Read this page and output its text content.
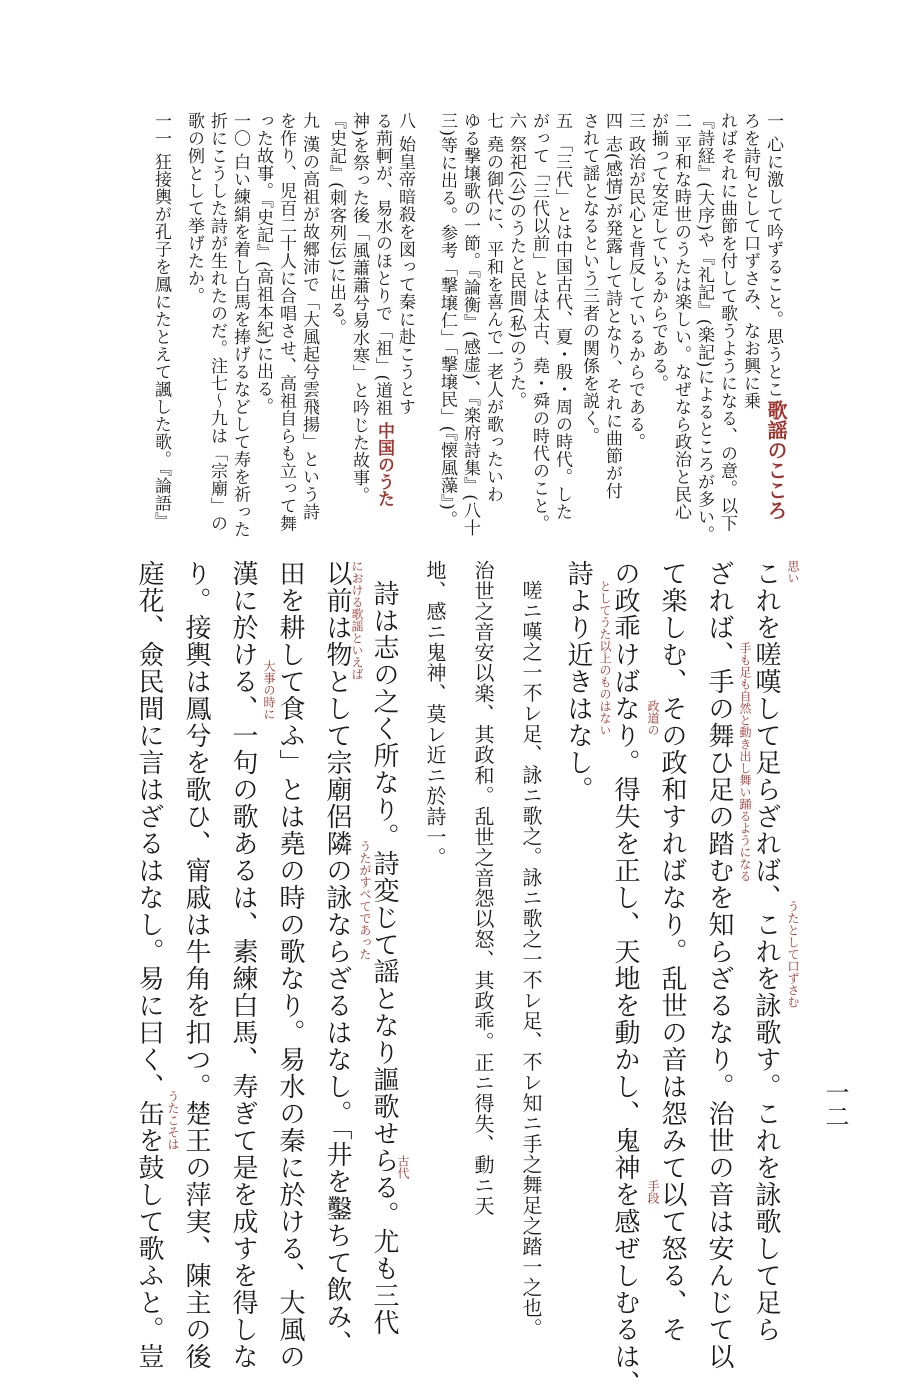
一二
歌謡のこころ
中国のうた
一 心に激して吟ずること。思うとこ
ろを詩句として口ずさみ、なお興に乗
ればそれに曲節を付して歌うようになる、の意。以下
『詩経』(大序)や『礼記』(楽記)によるところが多い。
二 平和な時世のうたは楽しい。なぜなら政治と民心
が揃って安定しているからである。
三 政治が民心と背反しているからである。
四 志(感情)が発露して詩となり、それに曲節が付
されて謡となるという三者の関係を説く。
五 「三代」とは中国古代、夏・殷・周の時代。した
がって「三代以前」とは太古、堯・舜の時代のこと。
六 祭祀(公)のうたと民間(私)のうた。
七 堯の御代に、平和を喜んで一老人が歌ったいわ
ゆる撃壌歌の一節。『論衡』(感虚)、『楽府詩集』(八十
三)等に出る。参考「撃壌仁」「撃壌民」(『懐風藻』)。
八 始皇帝暗殺を図って秦に赴こうとす
る荊軻が、易水のほとりで「祖」(道祖
神)を祭った後「風蕭蕭兮易水寒」と吟じた故事。
『史記』(刺客列伝)に出る。
九 漢の高祖が故郷沛で「大風起兮雲飛揚」という詩
を作り、児百二十人に合唱させ、高祖自らも立って舞
った故事。『史記』(高祖本紀)に出る。
一〇 白い練絹を着し白馬を捧げるなどして寿を祈った
折にこうした詩が生れたのだ。注七〜九は「宗廟」の
歌の例として挙げたか。
一一 狂接輿が孔子を鳳にたとえて諷した歌。『論語』
これを嗟嘆して足らざれば、これを詠歌す。これを詠歌して足ら
ざれば、手の舞ひ足の踏むを知らざるなり。治世の音は安んじて以
て楽しむ、その政和すればなり。乱世の音は怨みて以て怒る、そ
の政乖けばなり。得失を正し、天地を動かし、鬼神を感ぜしむるは、
詩より近きはなし。
嗟ニ嘆之一不レ足、詠ニ歌之。詠ニ歌之一不レ足、不レ知ニ手之舞足之踏一之也。
治世之音安以楽、其政和。乱世之音怨以怒、其政乖。正ニ得失、動ニ天
地、感ニ鬼神、莫レ近ニ於詩一。
詩は志の之く所なり。詩変じて謡となり謳歌せらる。尤も三代
以前は物として宗廟侶隣の詠ならざるはなし。「井を鑿ちて飲み、
田を耕して食ふ」とは堯の時の歌なり。易水の秦に於ける、大風の
漢に於ける、一句の歌あるは、素練白馬、寿ぎて是を成すを得しな
り。接輿は鳳兮を歌ひ、甯戚は牛角を扣つ。楚王の萍実、陳主の後
庭花、僉民間に言はざるはなし。易に曰く、缶を鼓して歌ふと。豈	うたとして口ずさむ
手も足も自然と動き出し舞い踊るようになる
政道の
手段
としてうた以上のものはない
古代
うたがすべてであった
における歌謡といえば
大事の時に
うたこそは
思い
